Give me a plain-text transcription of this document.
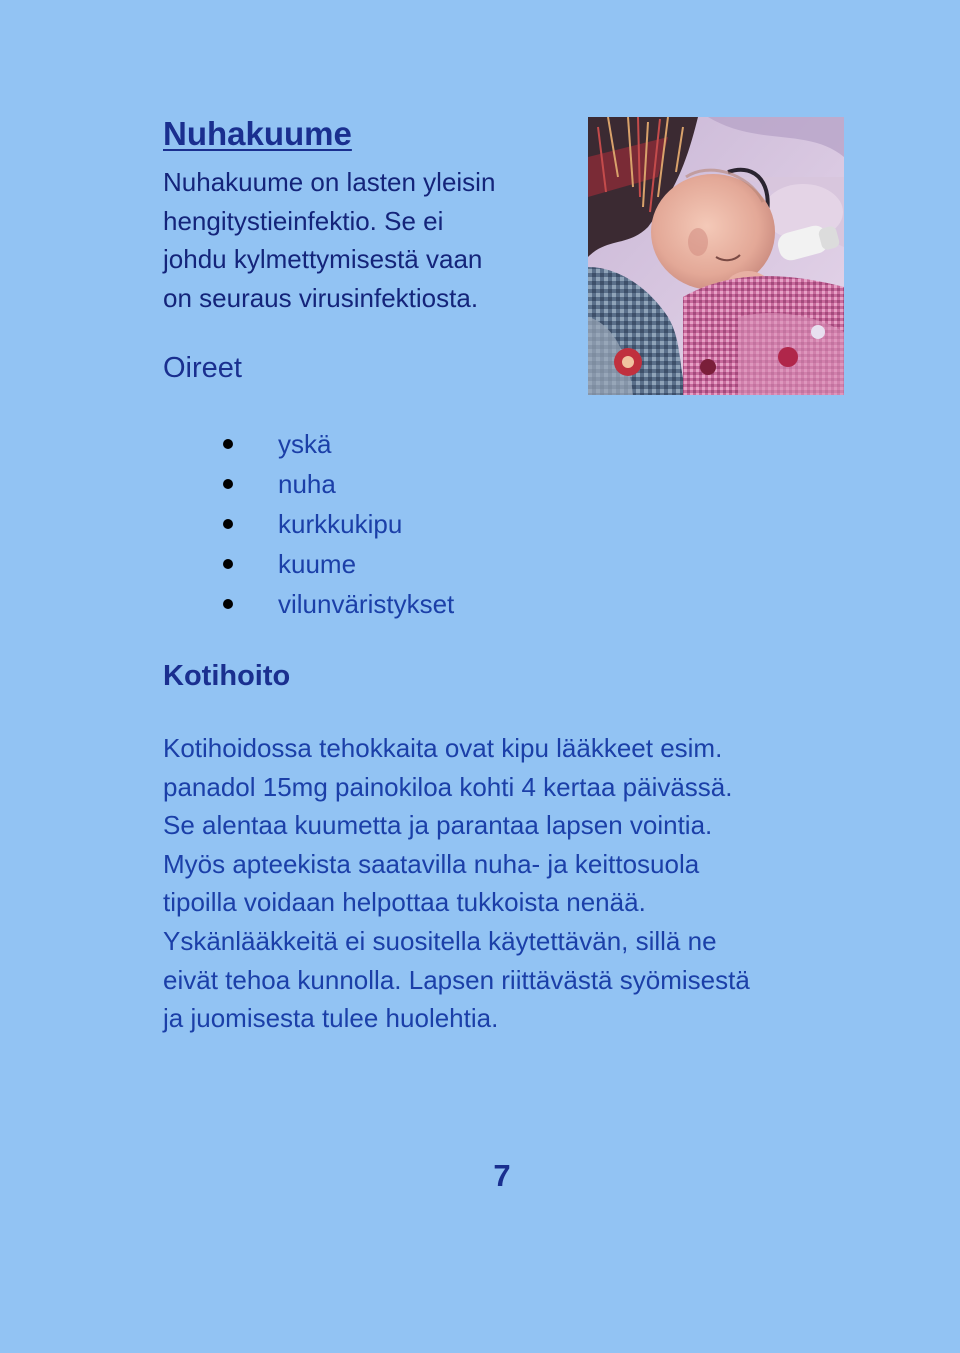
Nuhakuume

Nuhakuume on lasten yleisin
hengitystieinfektio. Se ei
johdu kylmettymisestä vaan
on seuraus virusinfektiosta.

Oireet
yskä
nuha
kurkkukipu
kuume
vilunväristykset
Kotihoito

Kotihoidossa tehokkaita ovat kipu lääkkeet esim.
panadol 15mg painokiloa kohti 4 kertaa päivässä.
Se alentaa kuumetta ja parantaa lapsen vointia.
Myös apteekista saatavilla nuha- ja keittosuola
tipoilla voidaan helpottaa tukkoista nenää.
Yskänlääkkeitä ei suositella käytettävän, sillä ne
eivät tehoa kunnolla. Lapsen riittävästä syömisestä
ja juomisesta tulee huolehtia.

7
